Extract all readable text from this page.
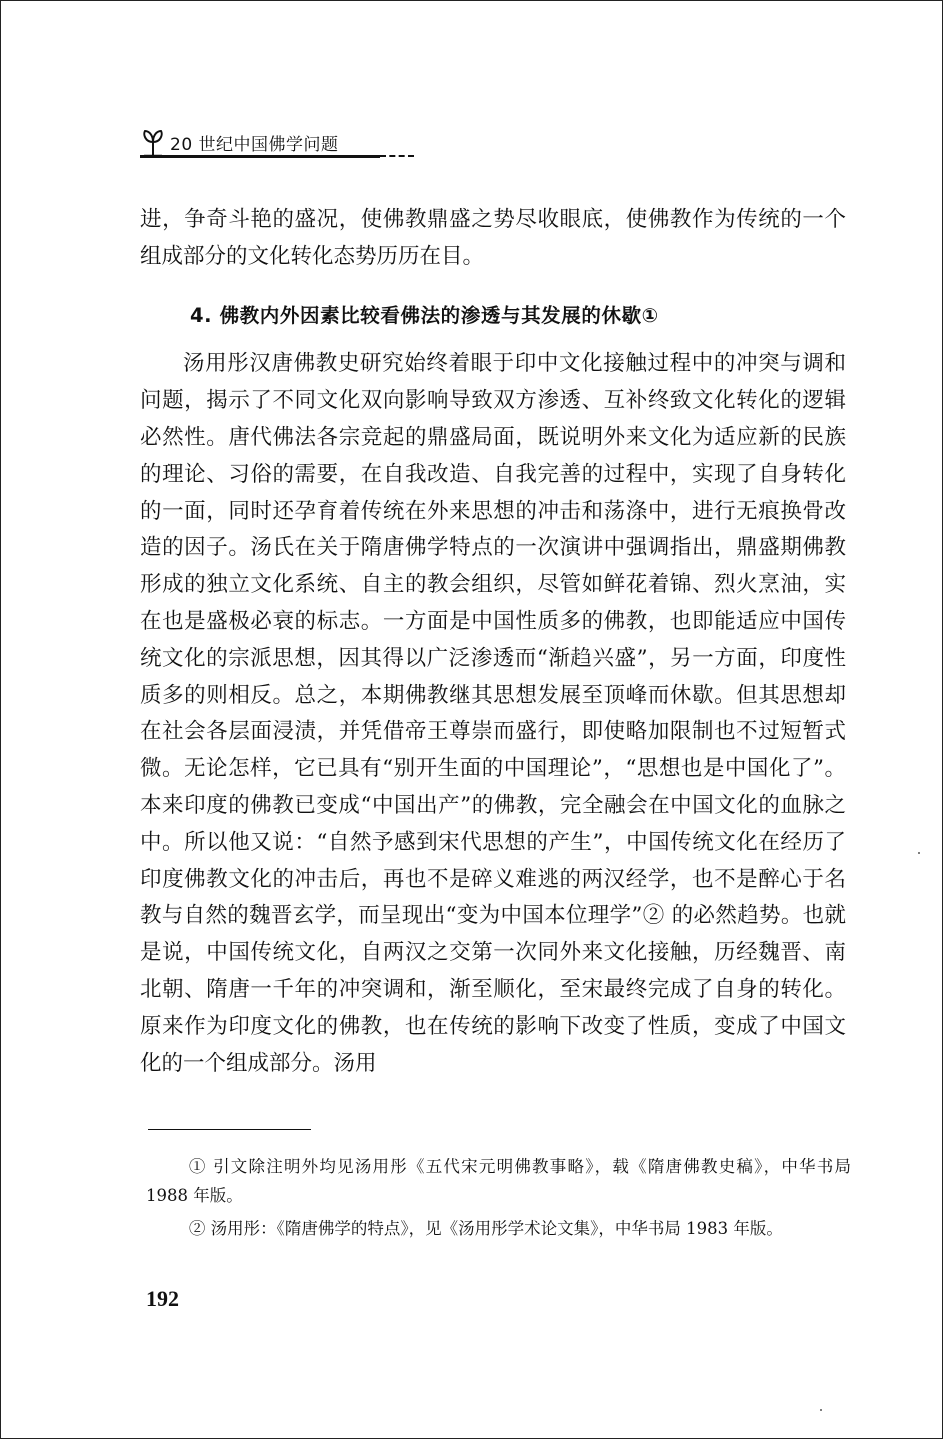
20 世纪中国佛学问题

进，争奇斗艳的盛况，使佛教鼎盛之势尽收眼底，使佛教作为传统的一个组成部分的文化转化态势历历在目。

4. 佛教内外因素比较看佛法的渗透与其发展的休歇①

汤用彤汉唐佛教史研究始终着眼于印中文化接触过程中的冲突与调和问题，揭示了不同文化双向影响导致双方渗透、互补终致文化转化的逻辑必然性。唐代佛法各宗竞起的鼎盛局面，既说明外来文化为适应新的民族的理论、习俗的需要，在自我改造、自我完善的过程中，实现了自身转化的一面，同时还孕育着传统在外来思想的冲击和荡涤中，进行无痕换骨改造的因子。汤氏在关于隋唐佛学特点的一次演讲中强调指出，鼎盛期佛教形成的独立文化系统、自主的教会组织，尽管如鲜花着锦、烈火烹油，实在也是盛极必衰的标志。一方面是中国性质多的佛教，也即能适应中国传统文化的宗派思想，因其得以广泛渗透而“渐趋兴盛”，另一方面，印度性质多的则相反。总之，本期佛教继其思想发展至顶峰而休歇。但其思想却在社会各层面浸渍，并凭借帝王尊崇而盛行，即使略加限制也不过短暂式微。无论怎样，它已具有“别开生面的中国理论”，“思想也是中国化了”。本来印度的佛教已变成“中国出产”的佛教，完全融会在中国文化的血脉之中。所以他又说：“自然予感到宋代思想的产生”，中国传统文化在经历了印度佛教文化的冲击后，再也不是碎义难逃的两汉经学，也不是醉心于名教与自然的魏晋玄学，而呈现出“变为中国本位理学”② 的必然趋势。也就是说，中国传统文化，自两汉之交第一次同外来文化接触，历经魏晋、南北朝、隋唐一千年的冲突调和，渐至顺化，至宋最终完成了自身的转化。原来作为印度文化的佛教，也在传统的影响下改变了性质，变成了中国文化的一个组成部分。汤用

① 引文除注明外均见汤用彤《五代宋元明佛教事略》，载《隋唐佛教史稿》，中华书局 1988 年版。

② 汤用彤：《隋唐佛学的特点》，见《汤用彤学术论文集》，中华书局 1983 年版。

192
